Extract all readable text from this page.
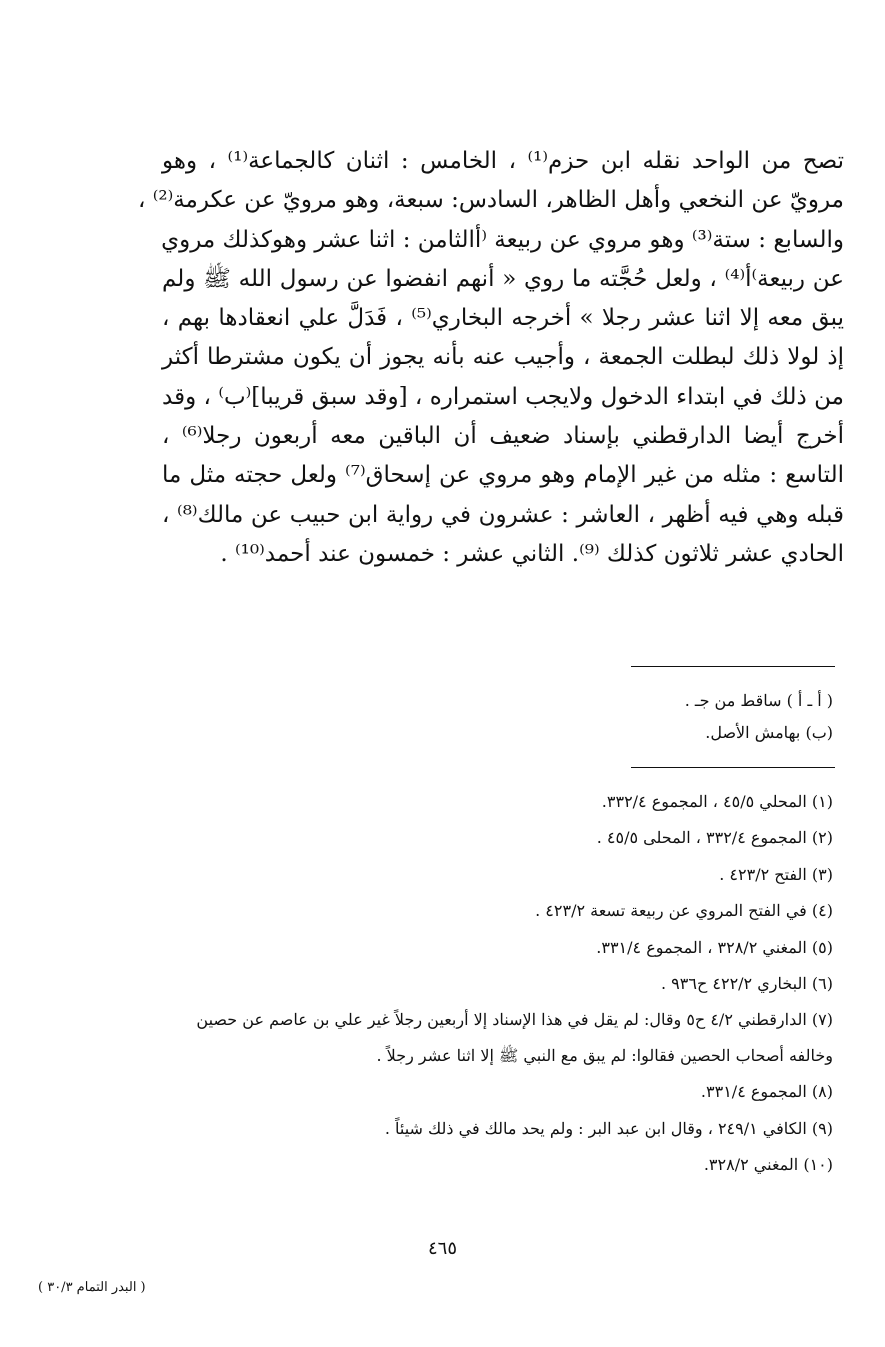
تصح من الواحد نقله ابن حزم⁽¹⁾ ، الخامس : اثنان كالجماعة⁽¹⁾ ، وهو
مرويّ عن النخعي وأهل الظاهر، السادس: سبعة، وهو مرويّ عن عكرمة⁽²⁾ ،
والسابع : ستة⁽³⁾ وهو مروي عن ربيعة ⁽أالثامن : اثنا عشر وهوكذلك مروي
عن ربيعة⁾أ⁽⁴⁾ ، ولعل حُجَّته ما روي « أنهم انفضوا عن رسول الله ﷺ ولم
يبق معه إلا اثنا عشر رجلا » أخرجه البخاري⁽⁵⁾ ، فَدَلَّ علي انعقادها بهم ،
إذ لولا ذلك لبطلت الجمعة ، وأجيب عنه بأنه يجوز أن يكون مشترطا أكثر
من ذلك في ابتداء الدخول ولايجب استمراره ، [وقد سبق قريبا]⁽ب⁾ ، وقد
أخرج أيضا الدارقطني بإسناد ضعيف أن الباقين معه أربعون رجلا⁽⁶⁾ ،
التاسع : مثله من غير الإمام وهو مروي عن إسحاق⁽⁷⁾ ولعل حجته مثل ما
قبله وهي فيه أظهر ، العاشر : عشرون في رواية ابن حبيب عن مالك⁽⁸⁾ ،
الحادي عشر ثلاثون كذلك ⁽⁹⁾. الثاني عشر : خمسون عند أحمد⁽¹⁰⁾ .
( أ ـ أ ) ساقط من جـ .
(ب) بهامش الأصل.
(١) المحلي ٤٥/٥ ، المجموع ٣٣٢/٤.
(٢) المجموع ٣٣٢/٤ ، المحلى ٤٥/٥ .
(٣) الفتح ٤٢٣/٢ .
(٤) في الفتح المروي عن ربيعة تسعة ٤٢٣/٢ .
(٥) المغني ٣٢٨/٢ ، المجموع ٣٣١/٤.
(٦) البخاري ٤٢٢/٢ ح٩٣٦ .
(٧) الدارقطني ٤/٢ ح٥ وقال: لم يقل في هذا الإسناد إلا أربعين رجلاً غير علي بن عاصم عن حصين وخالفه أصحاب الحصين فقالوا: لم يبق مع النبي ﷺ إلا اثنا عشر رجلاً .
(٨) المجموع ٣٣١/٤.
(٩) الكافي ٢٤٩/١ ، وقال ابن عبد البر : ولم يحد مالك في ذلك شيئاً .
(١٠) المغني ٣٢٨/٢.
٤٦٥
( البدر التمام ٣٠/٣ )
